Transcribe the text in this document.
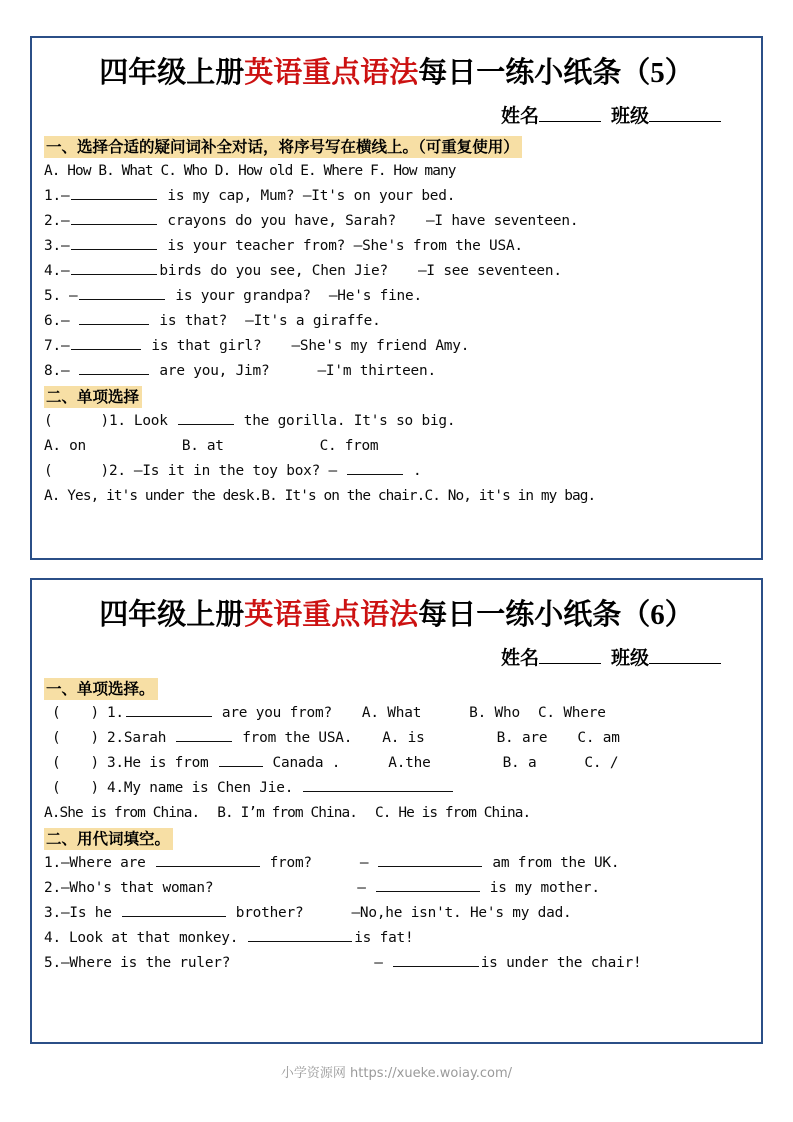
四年级上册英语重点语法每日一练小纸条（5）
姓名	班级
一、选择合适的疑问词补全对话，将序号写在横线上。（可重复使用）
A. How B. What C. Who D. How old E. Where F. How many
1.–	is my cap, Mum? –It's on your bed.
2.—	crayons do you have, Sarah? –I have seventeen.
3.—	is your teacher from? –She's from the USA.
4.–	birds do you see, Chen Jie? –I see seventeen.
5. –	is your grandpa? –He's fine.
6.—	is that? –It's a giraffe.
7.—	is that girl? –She's my friend Amy.
8.–	are you, Jim?	–I'm thirteen.
二、单项选择
(	)1. Look	the gorilla. It's so big.
A. on	B. at	C. from
(	)2. –Is it in the toy box? –	.
A. Yes, it's under the desk.B. It's on the chair.C. No, it's in my bag.
四年级上册英语重点语法每日一练小纸条（6）
姓名	班级
一、单项选择。
( ) 1.	are you from? A. What	B. Who C. Where
( ) 2.Sarah	from the USA. A. is	B. are C. am
( ) 3.He is from	Canada .	A.the	B. a	C. /
( ) 4.My name is Chen Jie.
A.She is from China. B. I’m from China. C. He is from China.
二、用代词填空。
1.—Where are	from?	—	am from the UK.
2.—Who's that woman?	—	is my mother.
3.—Is he	brother?	—No,he isn't. He's my dad.
4. Look at that monkey.	is fat!
5.—Where is the ruler?	—	is under the chair!
小学资源网 https://xueke.woiay.com/
